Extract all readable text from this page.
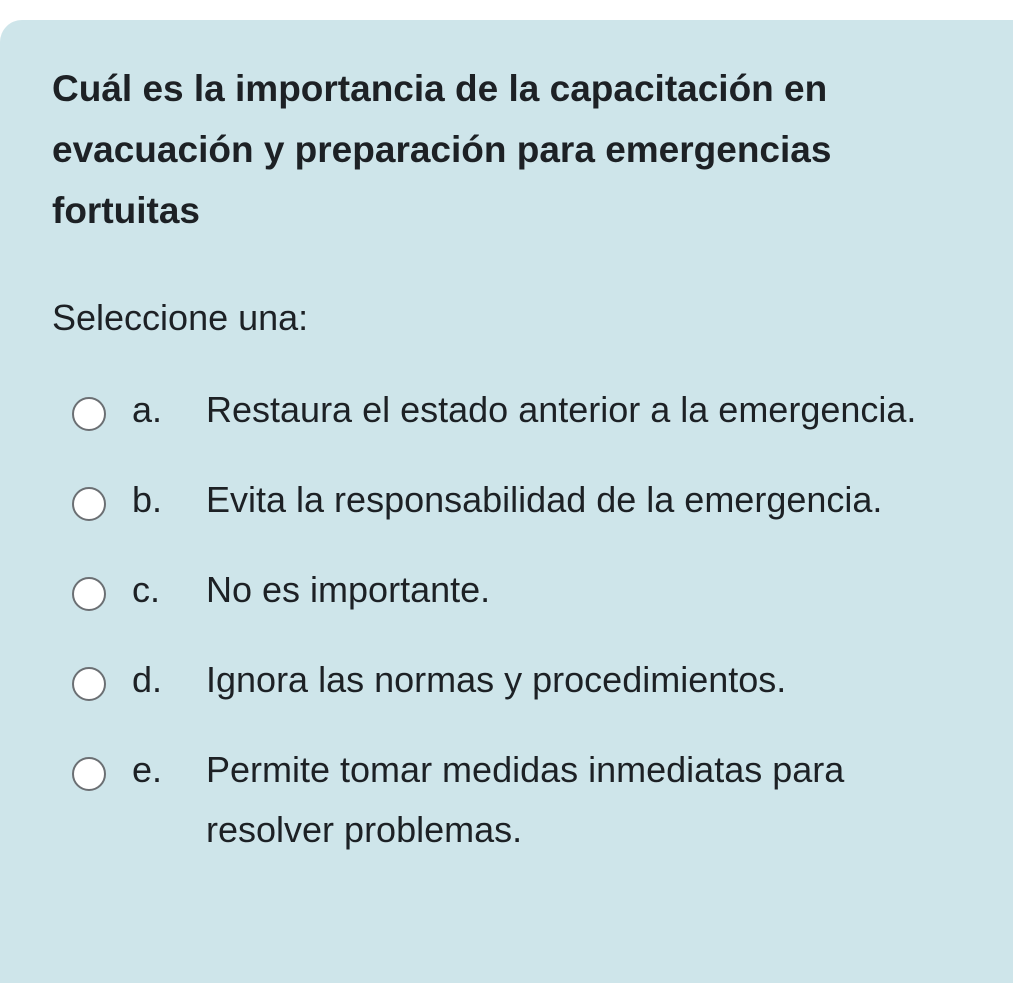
Cuál es la importancia de la capacitación en evacuación y preparación para emergencias fortuitas

Seleccione una:

a.	Restaura el estado anterior a la emergencia.
b.	Evita la responsabilidad de la emergencia.
c.	No es importante.
d.	Ignora las normas y procedimientos.
e.	Permite tomar medidas inmediatas para resolver problemas.
